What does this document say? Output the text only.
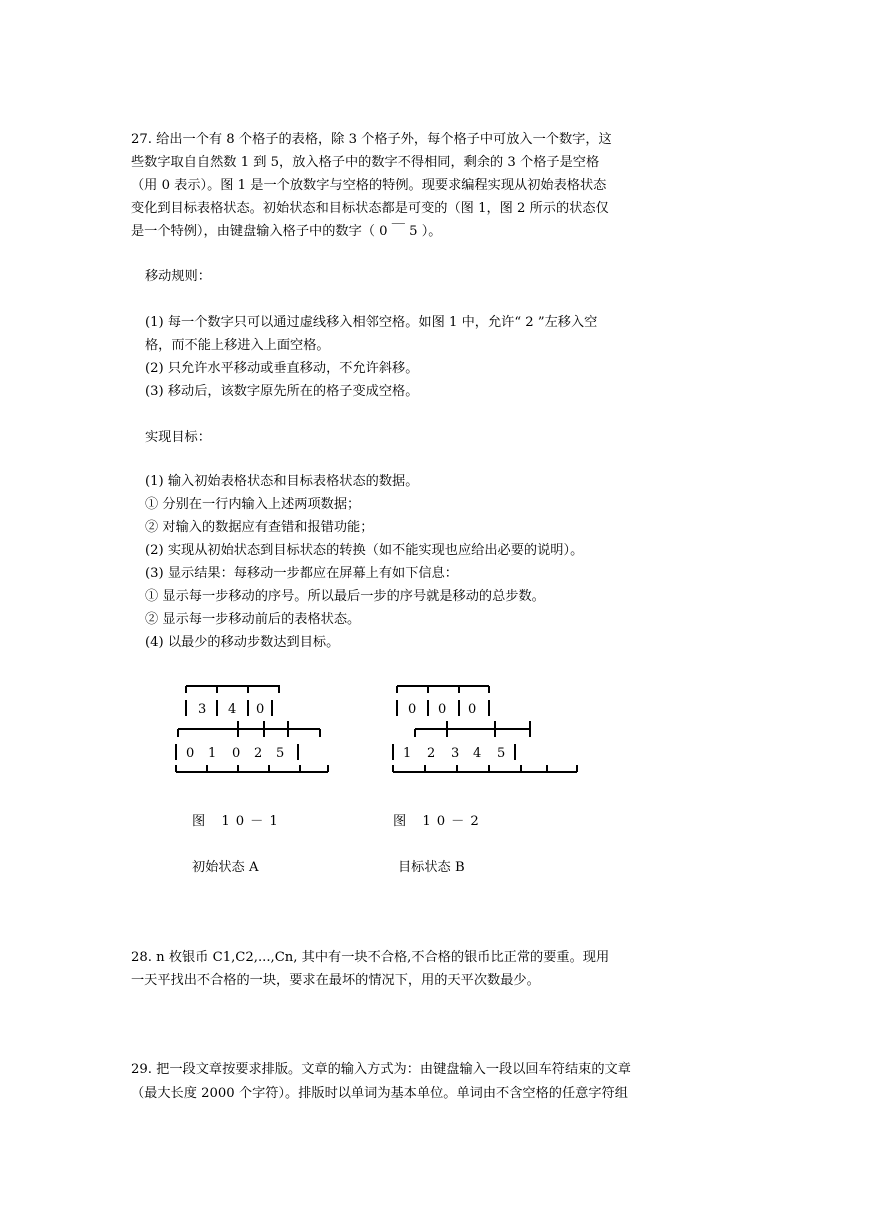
27. 给出一个有 8 个格子的表格，除 3 个格子外，每个格子中可放入一个数字，这
些数字取自自然数 1 到 5，放入格子中的数字不得相同，剩余的 3 个格子是空格
（用 0 表示）。图 1 是一个放数字与空格的特例。现要求编程实现从初始表格状态
变化到目标表格状态。初始状态和目标状态都是可变的（图 1，图 2 所示的状态仅
是一个特例），由键盘输入格子中的数字（ 0 ￣ 5 ）。
移动规则：
(1) 每一个数字只可以通过虚线移入相邻空格。如图 1 中，允许“ 2 ”左移入空
格，而不能上移进入上面空格。
(2) 只允许水平移动或垂直移动，不允许斜移。
(3) 移动后，该数字原先所在的格子变成空格。
实现目标：
(1) 输入初始表格状态和目标表格状态的数据。
① 分别在一行内输入上述两项数据；
② 对输入的数据应有查错和报错功能；
(2) 实现从初始状态到目标状态的转换（如不能实现也应给出必要的说明）。
(3) 显示结果：每移动一步都应在屏幕上有如下信息：
① 显示每一步移动的序号。所以最后一步的序号就是移动的总步数。
② 显示每一步移动前后的表格状态。
(4) 以最少的移动步数达到目标。
3 4 0
0 1 0 2 5
0 0 0
1 2 3 4 5
图 10－1	图 10－2
初始状态 A	目标状态 B
28. n 枚银币 C1,C2,...,Cn, 其中有一块不合格,不合格的银币比正常的要重。现用
一天平找出不合格的一块，要求在最坏的情况下，用的天平次数最少。
29. 把一段文章按要求排版。文章的输入方式为：由键盘输入一段以回车符结束的文章
（最大长度 2000 个字符）。排版时以单词为基本单位。单词由不含空格的任意字符组
